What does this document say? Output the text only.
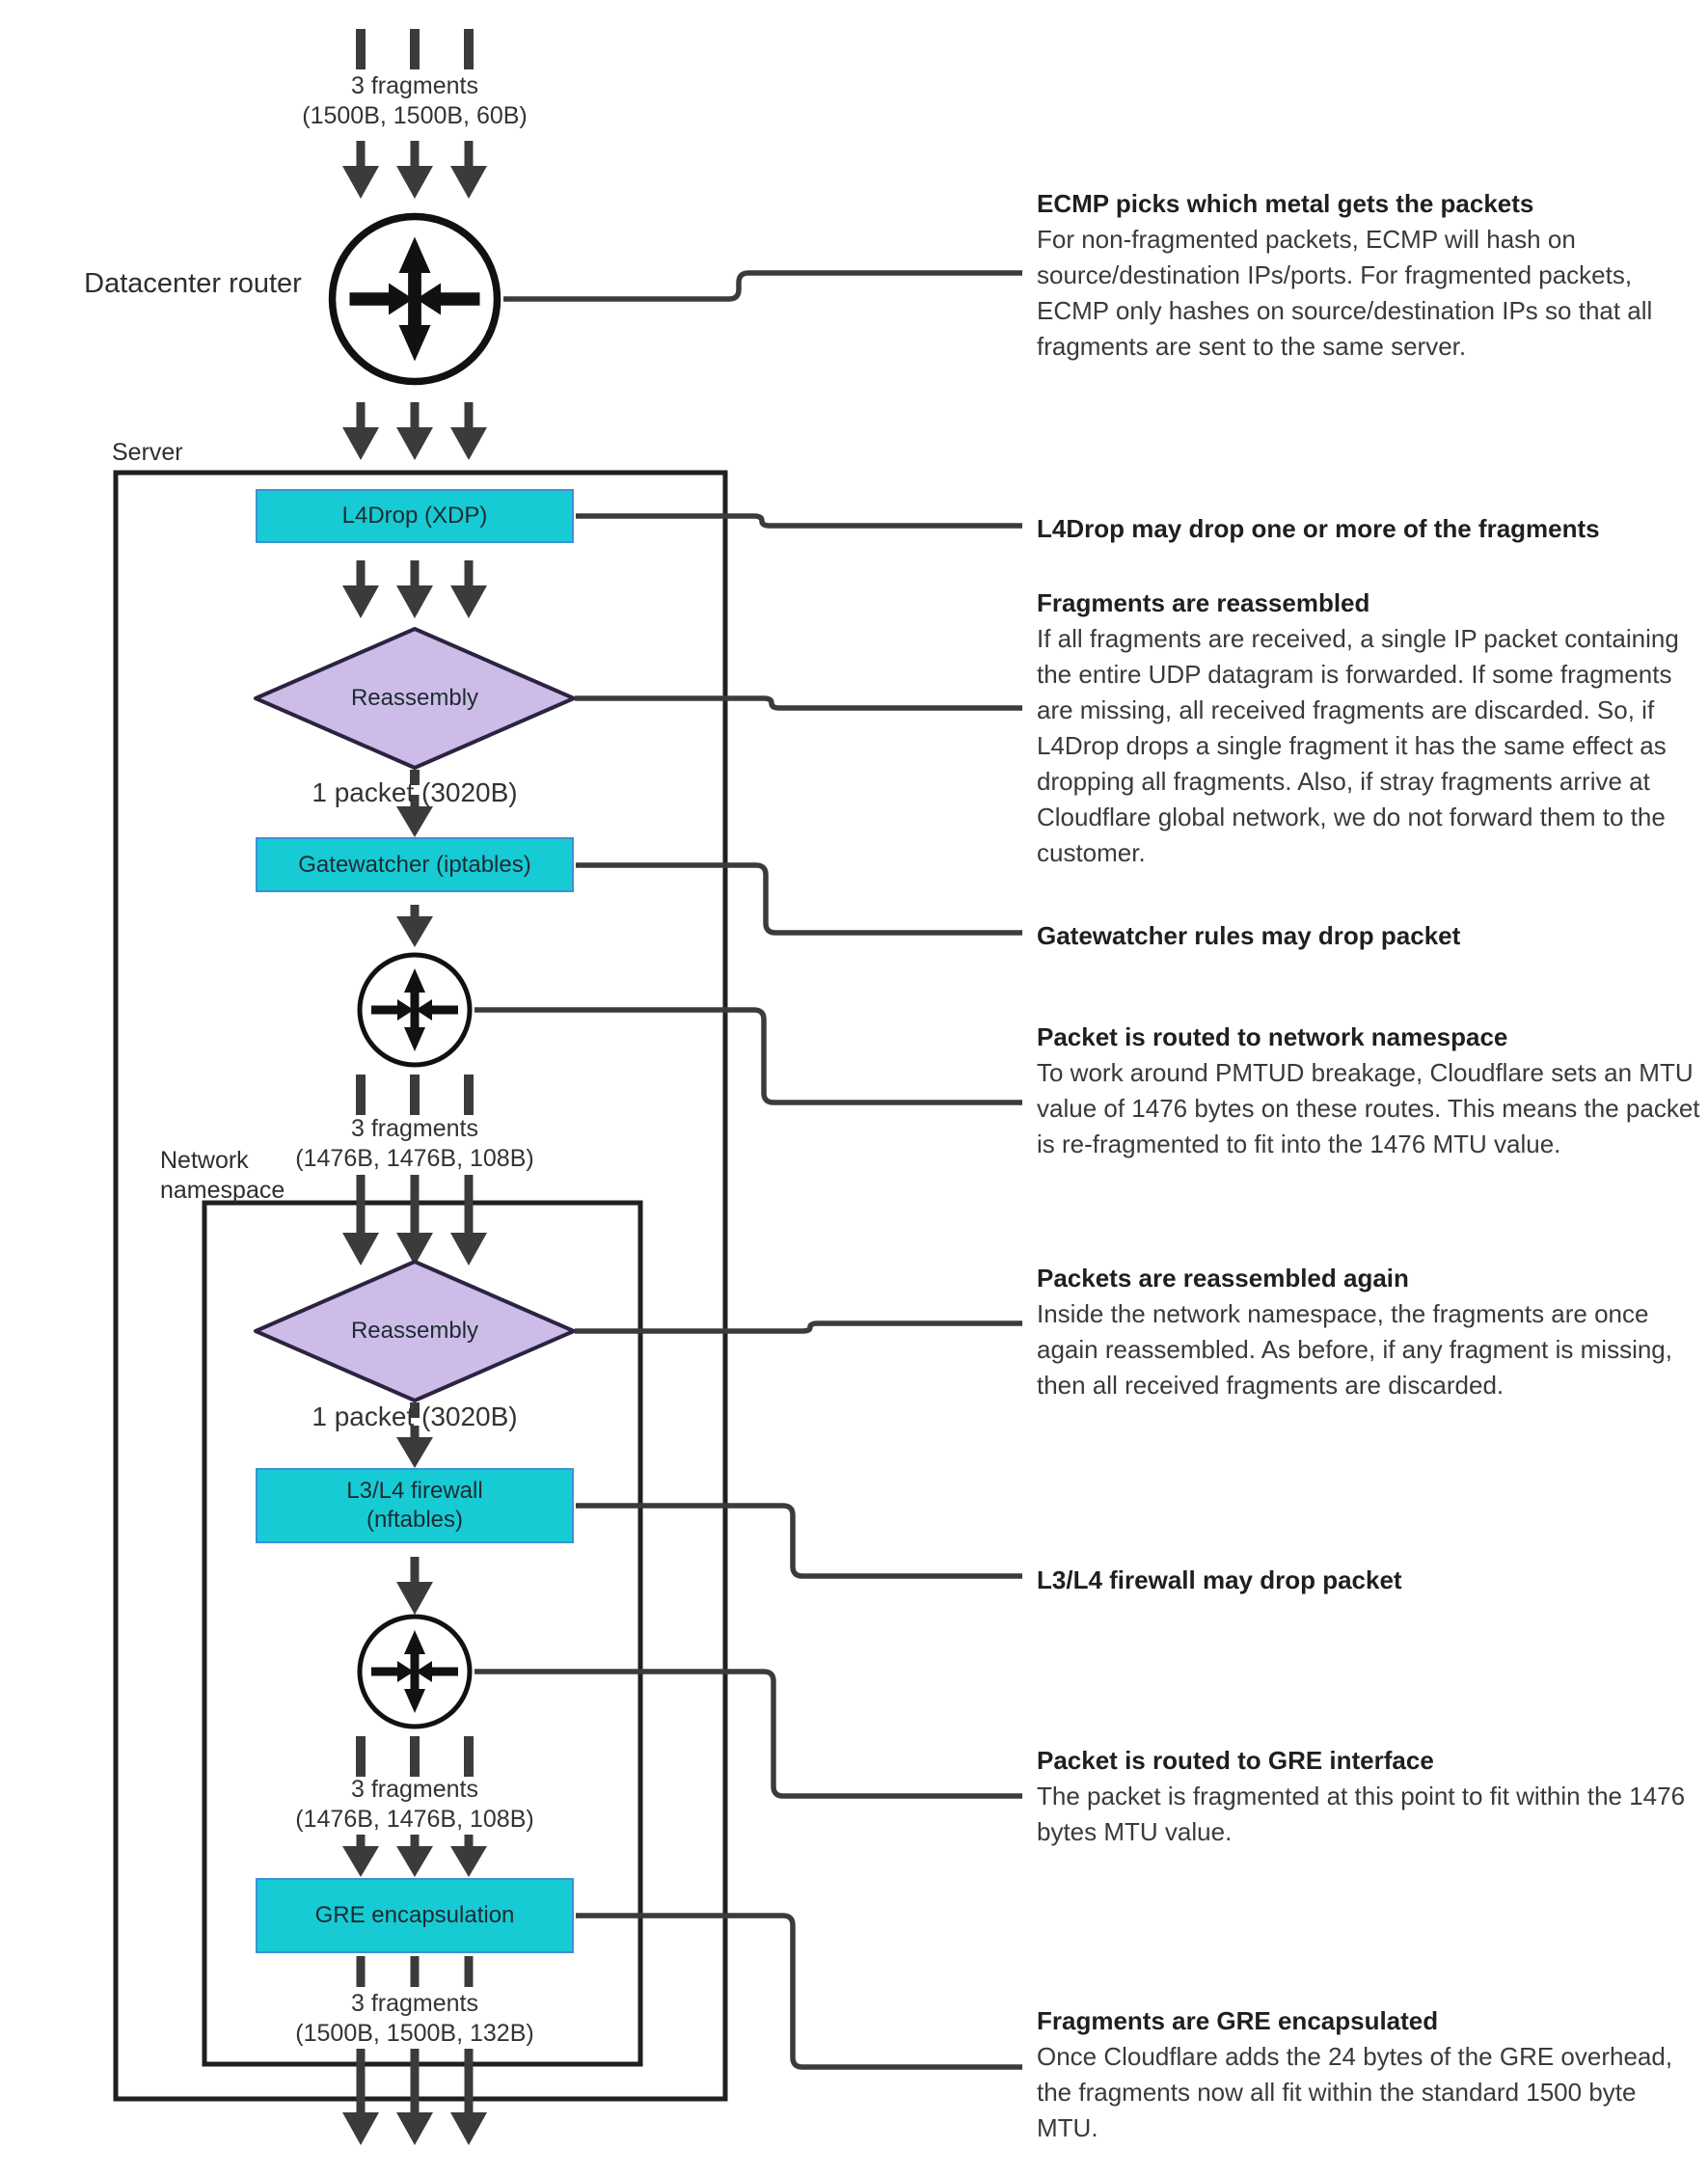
3 fragments
(1500B, 1500B, 60B)
Datacenter router
Server
L4Drop (XDP)
Reassembly
1 packet (3020B)
Gatewatcher (iptables)
3 fragments
(1476B, 1476B, 108B)
Network namespace
Reassembly
1 packet (3020B)
L3/L4 firewall
(nftables)
3 fragments
(1476B, 1476B, 108B)
GRE encapsulation
3 fragments
(1500B, 1500B, 132B)
ECMP picks which metal gets the packets
For non-fragmented packets, ECMP will hash on source/destination IPs/ports. For fragmented packets, ECMP only hashes on source/destination IPs so that all fragments are sent to the same server.
L4Drop may drop one or more of the fragments
Fragments are reassembled
If all fragments are received, a single IP packet containing the entire UDP datagram is forwarded. If some fragments are missing, all received fragments are discarded. So, if L4Drop drops a single fragment it has the same effect as dropping all fragments. Also, if stray fragments arrive at Cloudflare global network, we do not forward them to the customer.
Gatewatcher rules may drop packet
Packet is routed to network namespace
To work around PMTUD breakage, Cloudflare sets an MTU value of 1476 bytes on these routes. This means the packet is re-fragmented to fit into the 1476 MTU value.
Packets are reassembled again
Inside the network namespace, the fragments are once again reassembled. As before, if any fragment is missing, then all received fragments are discarded.
L3/L4 firewall may drop packet
Packet is routed to GRE interface
The packet is fragmented at this point to fit within the 1476 bytes MTU value.
Fragments are GRE encapsulated
Once Cloudflare adds the 24 bytes of the GRE overhead, the fragments now all fit within the standard 1500 byte MTU.
